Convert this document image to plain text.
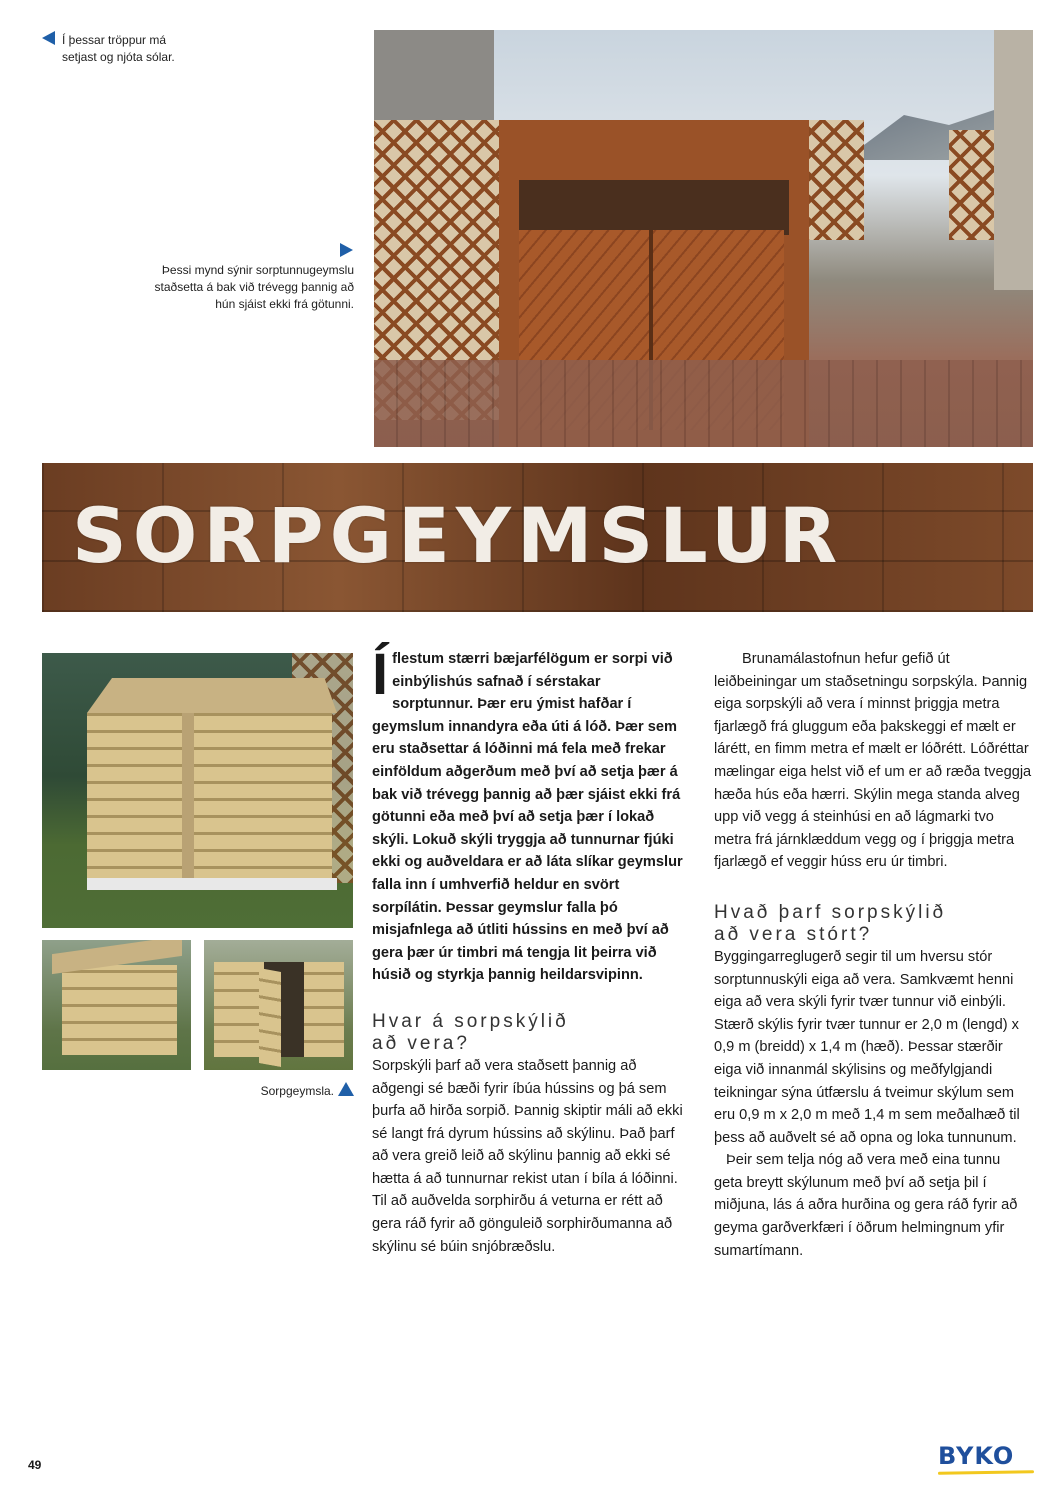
Í þessar tröppur má setjast og njóta sólar.
Þessi mynd sýnir sorptunnugeymslu staðsetta á bak við trévegg þannig að hún sjáist ekki frá götunni.
SORPGEYMSLUR
Sorpgeymsla.

Íflestum stærri bæjarfélögum er sorpi við einbýlishús safnað í sérstakar sorptunnur. Þær eru ýmist hafðar í geymslum innandyra eða úti á lóð. Þær sem eru staðsettar á lóðinni má fela með frekar einföldum aðgerðum með því að setja þær á bak við trévegg þannig að þær sjáist ekki frá götunni eða með því að setja þær í lokað skýli. Lokuð skýli tryggja að tunnurnar fjúki ekki og auðveldara er að láta slíkar geymslur falla inn í umhverfið heldur en svört sorpílátin. Þessar geymslur falla þó misjafnlega að útliti hússins en með því að gera þær úr timbri má tengja lit þeirra við húsið og styrkja þannig heildarsvipinn.

Hvar á sorpskýlið að vera?

Sorpskýli þarf að vera staðsett þannig að aðgengi sé bæði fyrir íbúa hússins og þá sem þurfa að hirða sorpið. Þannig skiptir máli að ekki sé langt frá dyrum hússins að skýlinu. Það þarf að vera greið leið að skýlinu þannig að ekki sé hætta á að tunnurnar rekist utan í bíla á lóðinni. Til að auðvelda sorphirðu á veturna er rétt að gera ráð fyrir að gönguleið sorphirðumanna að skýlinu sé búin snjóbræðslu.

Brunamálastofnun hefur gefið út leiðbeiningar um staðsetningu sorpskýla. Þannig eiga sorpskýli að vera í minnst þriggja metra fjarlægð frá gluggum eða þakskeggi ef mælt er lárétt, en fimm metra ef mælt er lóðrétt. Lóðréttar mælingar eiga helst við ef um er að ræða tveggja hæða hús eða hærri. Skýlin mega standa alveg upp við vegg á steinhúsi en að lágmarki tvo metra frá járnklæddum vegg og í þriggja metra fjarlægð ef veggir húss eru úr timbri.

Hvað þarf sorpskýlið að vera stórt?

Byggingarreglugerð segir til um hversu stór sorptunnuskýli eiga að vera. Samkvæmt henni eiga að vera skýli fyrir tvær tunnur við einbýli. Stærð skýlis fyrir tvær tunnur er 2,0 m (lengd) x 0,9 m (breidd) x 1,4 m (hæð). Þessar stærðir eiga við innanmál skýlisins og meðfylgjandi teikningar sýna útfærslu á tveimur skýlum sem eru 0,9 m x 2,0 m með 1,4 m sem meðalhæð til þess að auðvelt sé að opna og loka tunnunum.

Þeir sem telja nóg að vera með eina tunnu geta breytt skýlunum með því að setja þil í miðjuna, lás á aðra hurðina og gera ráð fyrir að geyma garðverkfæri í öðrum helmingnum yfir sumartímann.

49	BYKO
